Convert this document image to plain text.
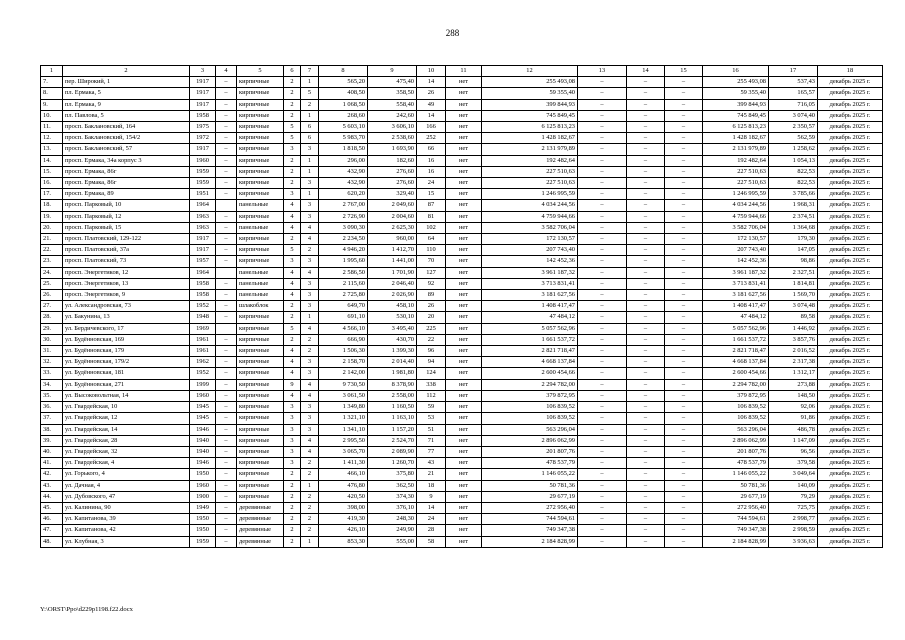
288
1	2	3	4	5	6	7	8	9	10	11	12	13	14	15	16	17	18
7.	пер. Широкий, 1	1917	–	кирпичные	2	1	565,20	475,40	14	нет	255 493,08	–	–	–	255 493,08	537,43	декабрь 2025 г.
8.	пл. Ермака, 5	1917	–	кирпичные	2	5	408,50	358,50	26	нет	59 355,40	–	–	–	59 355,40	165,57	декабрь 2025 г.
9.	пл. Ермака, 9	1917	–	кирпичные	2	2	1 068,50	558,40	49	нет	399 844,93	–	–	–	399 844,93	716,05	декабрь 2025 г.
10.	пл. Павлова, 5	1958	–	кирпичные	2	1	268,60	242,60	14	нет	745 849,45	–	–	–	745 849,45	3 074,40	декабрь 2025 г.
11.	просп. Баклановский, 164	1975	–	кирпичные	5	6	5 603,10	3 606,10	166	нет	6 125 813,23	–	–	–	6 125 813,23	2 350,57	декабрь 2025 г.
12.	просп. Баклановский, 154/2	1972	–	кирпичные	5	6	5 983,70	2 538,60	252	нет	1 428 182,67	–	–	–	1 428 182,67	562,59	декабрь 2025 г.
13.	просп. Баклановский, 57	1917	–	кирпичные	3	3	1 818,50	1 693,90	66	нет	2 131 979,89	–	–	–	2 131 979,89	1 258,62	декабрь 2025 г.
14.	просп. Ермака, 34а корпус 3	1960	–	кирпичные	2	1	296,00	182,60	16	нет	192 482,64	–	–	–	192 482,64	1 054,13	декабрь 2025 г.
15.	просп. Ермака, 86г	1959	–	кирпичные	2	1	432,90	276,60	16	нет	227 510,63	–	–	–	227 510,63	822,53	декабрь 2025 г.
16.	просп. Ермака, 86г	1959	–	кирпичные	2	3	432,90	276,60	24	нет	227 510,63	–	–	–	227 510,63	822,53	декабрь 2025 г.
17.	просп. Ермака, 89	1951	–	кирпичные	3	1	620,20	329,40	15	нет	1 246 995,59	–	–	–	1 246 995,59	3 785,66	декабрь 2025 г.
18.	просп. Парковый, 10	1964		панельные	4	3	2 767,00	2 049,60	87	нет	4 034 244,56	–	–	–	4 034 244,56	1 968,31	декабрь 2025 г.
19.	просп. Парковый, 12	1963	–	кирпичные	4	3	2 726,90	2 004,60	81	нет	4 759 944,66	–	–	–	4 759 944,66	2 374,51	декабрь 2025 г.
20.	просп. Парковый, 15	1963	–	панельные	4	4	3 090,30	2 625,30	102	нет	3 582 706,04	–	–	–	3 582 706,04	1 364,68	декабрь 2025 г.
21.	просп. Платовский, 129-122	1917	–	кирпичные	2	4	2 234,50	960,00	64	нет	172 130,57	–	–	–	172 130,57	179,30	декабрь 2025 г.
22.	просп. Платовский, 37а	1917	–	кирпичные	5	2	4 946,20	1 412,70	110	нет	207 743,40	–	–	–	207 743,40	147,05	декабрь 2025 г.
23.	просп. Платовский, 73	1957	–	кирпичные	3	3	1 995,60	1 441,00	70	нет	142 452,36	–	–	–	142 452,36	98,86	декабрь 2025 г.
24.	просп. Энергетиков, 12	1964		панельные	4	4	2 586,50	1 701,90	127	нет	3 961 187,32	–	–	–	3 961 187,32	2 327,51	декабрь 2025 г.
25.	просп. Энергетиков, 13	1958	–	панельные	4	3	2 115,60	2 046,40	92	нет	3 713 831,41	–	–	–	3 713 831,41	1 814,81	декабрь 2025 г.
26.	просп. Энергетиков, 9	1958	–	панельные	4	3	2 725,80	2 026,90	89	нет	3 181 627,56	–	–	–	3 181 627,56	1 569,70	декабрь 2025 г.
27.	ул. Александровская, 73	1952	–	шлакоблок	2	3	649,70	458,10	26	нет	1 408 417,47	–	–	–	1 408 417,47	3 074,48	декабрь 2025 г.
28.	ул. Бакунина, 13	1948	–	кирпичные	2	1	691,10	530,10	20	нет	47 484,12	–	–	–	47 484,12	89,58	декабрь 2025 г.
29.	ул. Бердичевского, 17	1969		кирпичные	5	4	4 566,10	3 495,40	225	нет	5 057 562,96	–	–	–	5 057 562,96	1 446,92	декабрь 2025 г.
30.	ул. Будённовская, 169	1961	–	кирпичные	2	2	666,90	430,70	22	нет	1 661 537,72	–	–	–	1 661 537,72	3 857,76	декабрь 2025 г.
31.	ул. Будённовская, 179	1961	–	кирпичные	4	2	1 506,30	1 399,30	96	нет	2 821 718,47	–	–	–	2 821 718,47	2 016,52	декабрь 2025 г.
32.	ул. Будённовская, 179/2	1962	–	кирпичные	4	3	2 158,70	2 014,40	94	нет	4 668 137,84	–	–	–	4 668 137,84	2 317,38	декабрь 2025 г.
33.	ул. Будённовская, 181	1952	–	кирпичные	4	3	2 142,00	1 981,80	124	нет	2 600 454,66	–	–	–	2 600 454,66	1 312,17	декабрь 2025 г.
34.	ул. Будённовская, 271	1999	–	кирпичные	9	4	9 730,50	8 378,90	338	нет	2 294 782,00	–	–	–	2 294 782,00	273,88	декабрь 2025 г.
35.	ул. Высоковольтная, 14	1960	–	кирпичные	4	4	3 061,50	2 558,00	112	нет	379 872,95	–	–	–	379 872,95	148,50	декабрь 2025 г.
36.	ул. Гвардейская, 10	1945	–	кирпичные	3	3	1 349,80	1 160,50	59	нет	106 839,52	–	–	–	106 839,52	92,06	декабрь 2025 г.
37.	ул. Гвардейская, 12	1945	–	кирпичные	3	3	1 321,10	1 163,10	53	нет	106 839,52	–	–	–	106 839,52	91,86	декабрь 2025 г.
38.	ул. Гвардейская, 14	1946	–	кирпичные	3	3	1 341,10	1 157,20	51	нет	563 296,04	–	–	–	563 296,04	486,78	декабрь 2025 г.
39.	ул. Гвардейская, 28	1940	–	кирпичные	3	4	2 995,50	2 524,70	71	нет	2 896 062,99	–	–	–	2 896 062,99	1 147,09	декабрь 2025 г.
40.	ул. Гвардейская, 32	1940	–	кирпичные	3	4	3 065,70	2 089,90	77	нет	201 807,76	–	–	–	201 807,76	96,56	декабрь 2025 г.
41.	ул. Гвардейская, 4	1946	–	кирпичные	3	2	1 411,30	1 260,70	43	нет	478 537,79	–	–	–	478 537,79	379,58	декабрь 2025 г.
42.	ул. Горького, 4	1950	–	кирпичные	2	2	466,10	375,80	21	нет	1 146 055,22	–	–	–	1 146 055,22	3 049,64	декабрь 2025 г.
43.	ул. Дачная, 4	1960	–	кирпичные	2	1	476,80	362,50	18	нет	50 781,36	–	–	–	50 781,36	140,09	декабрь 2025 г.
44.	ул. Дубовского, 47	1900	–	кирпичные	2	2	420,50	374,30	9	нет	29 677,19	–	–	–	29 677,19	79,29	декабрь 2025 г.
45.	ул. Калинина, 90	1949	–	деревянные	2	2	398,00	376,10	14	нет	272 956,40	–	–	–	272 956,40	725,75	декабрь 2025 г.
46.	ул. Капитанова, 39	1950	–	деревянные	2	2	419,30	248,30	24	нет	744 594,61	–	–	–	744 594,61	2 998,77	декабрь 2025 г.
47.	ул. Капитанова, 42	1950	–	деревянные	2	2	426,10	249,90	28	нет	749 347,38	–	–	–	749 347,38	2 998,59	декабрь 2025 г.
48.	ул. Клубная, 3	1959	–	деревянные	2	1	853,30	555,00	58	нет	2 184 828,99	–	–	–	2 184 828,99	3 936,63	декабрь 2025 г.
Y:\ORST\Ppo\d229p1198.f22.docx
